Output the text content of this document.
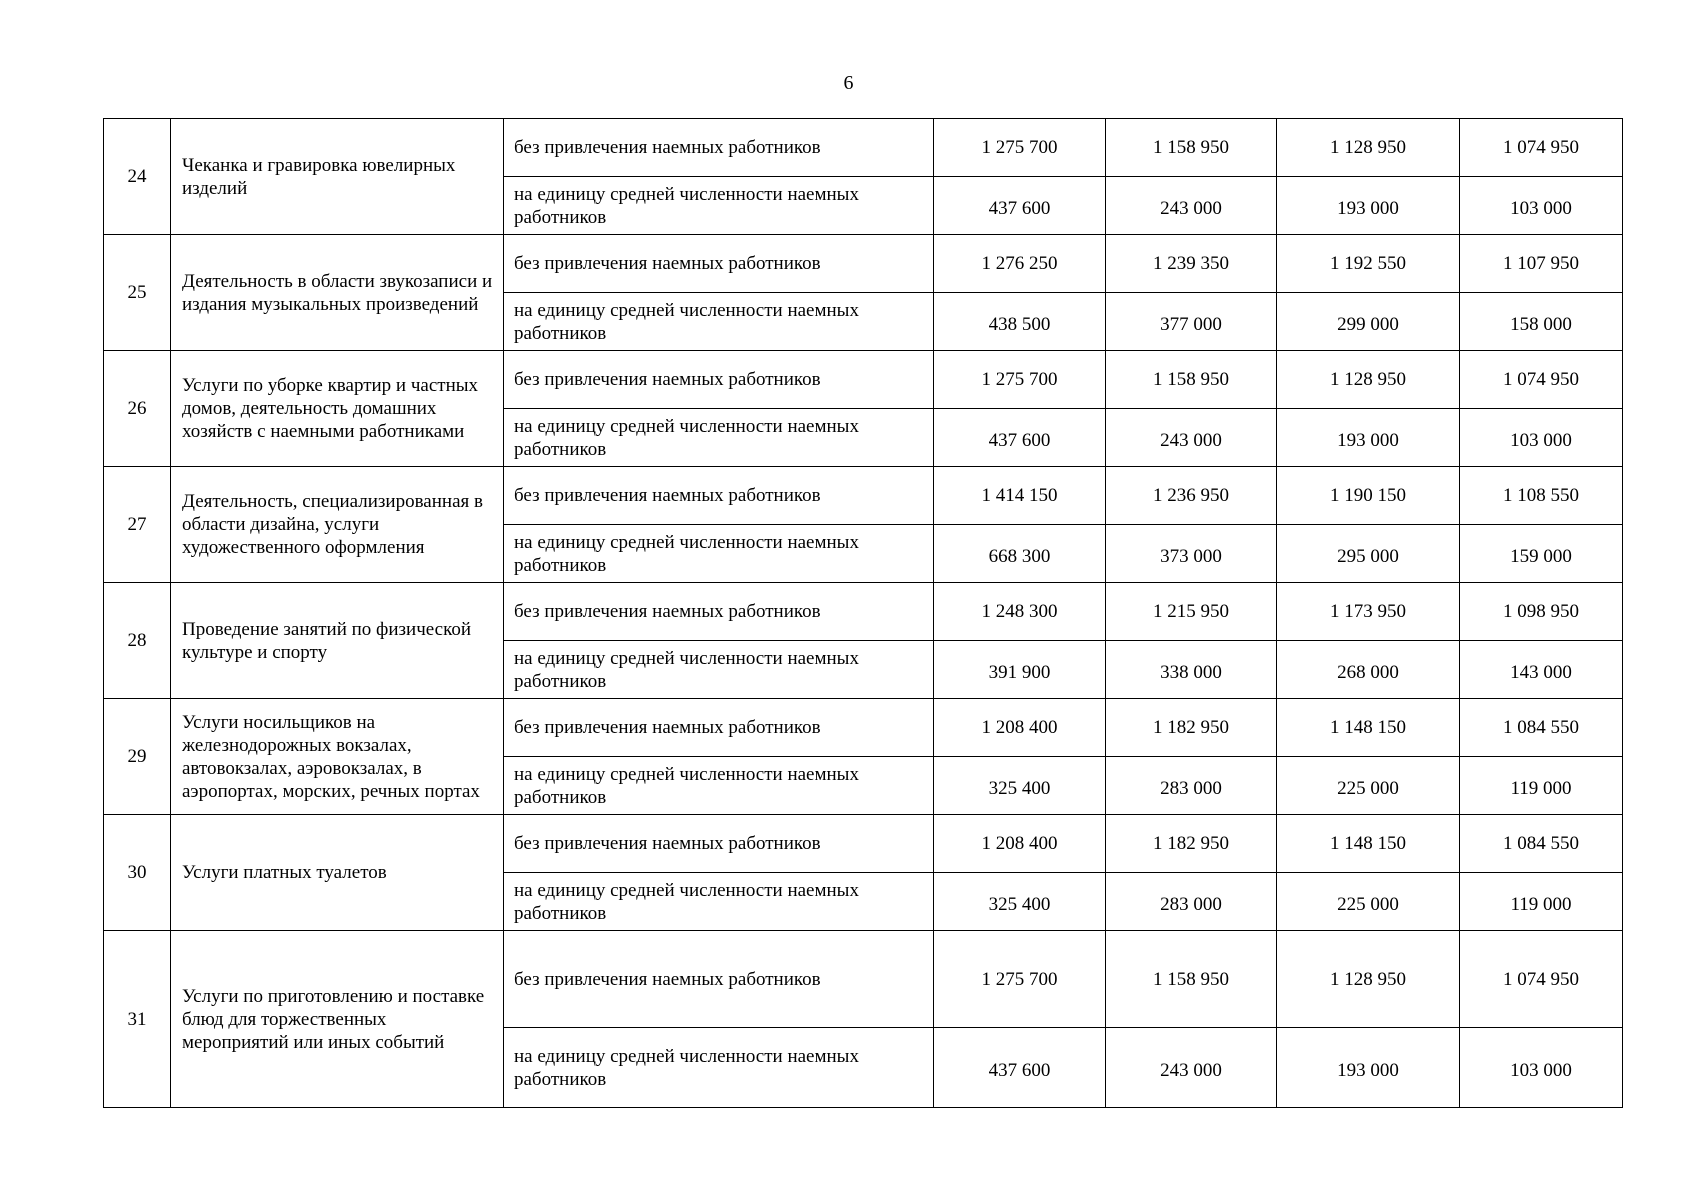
6
24	Чеканка и гравировка ювелирных изделий	без привлечения наемных работников	1 275 700	1 158 950	1 128 950	1 074 950
		на единицу средней численности наемных работников	437 600	243 000	193 000	103 000
25	Деятельность в области звукозаписи и издания музыкальных произведений	без привлечения наемных работников	1 276 250	1 239 350	1 192 550	1 107 950
		на единицу средней численности наемных работников	438 500	377 000	299 000	158 000
26	Услуги по уборке квартир и частных домов, деятельность домашних хозяйств с наемными работниками	без привлечения наемных работников	1 275 700	1 158 950	1 128 950	1 074 950
		на единицу средней численности наемных работников	437 600	243 000	193 000	103 000
27	Деятельность, специализированная в области дизайна, услуги художественного оформления	без привлечения наемных работников	1 414 150	1 236 950	1 190 150	1 108 550
		на единицу средней численности наемных работников	668 300	373 000	295 000	159 000
28	Проведение занятий по физической культуре и спорту	без привлечения наемных работников	1 248 300	1 215 950	1 173 950	1 098 950
		на единицу средней численности наемных работников	391 900	338 000	268 000	143 000
29	Услуги носильщиков на железнодорожных вокзалах, автовокзалах, аэровокзалах, в аэропортах, морских, речных портах	без привлечения наемных работников	1 208 400	1 182 950	1 148 150	1 084 550
		на единицу средней численности наемных работников	325 400	283 000	225 000	119 000
30	Услуги платных туалетов	без привлечения наемных работников	1 208 400	1 182 950	1 148 150	1 084 550
		на единицу средней численности наемных работников	325 400	283 000	225 000	119 000
31	Услуги по приготовлению и поставке блюд для торжественных мероприятий или иных событий	без привлечения наемных работников	1 275 700	1 158 950	1 128 950	1 074 950
		на единицу средней численности наемных работников	437 600	243 000	193 000	103 000
